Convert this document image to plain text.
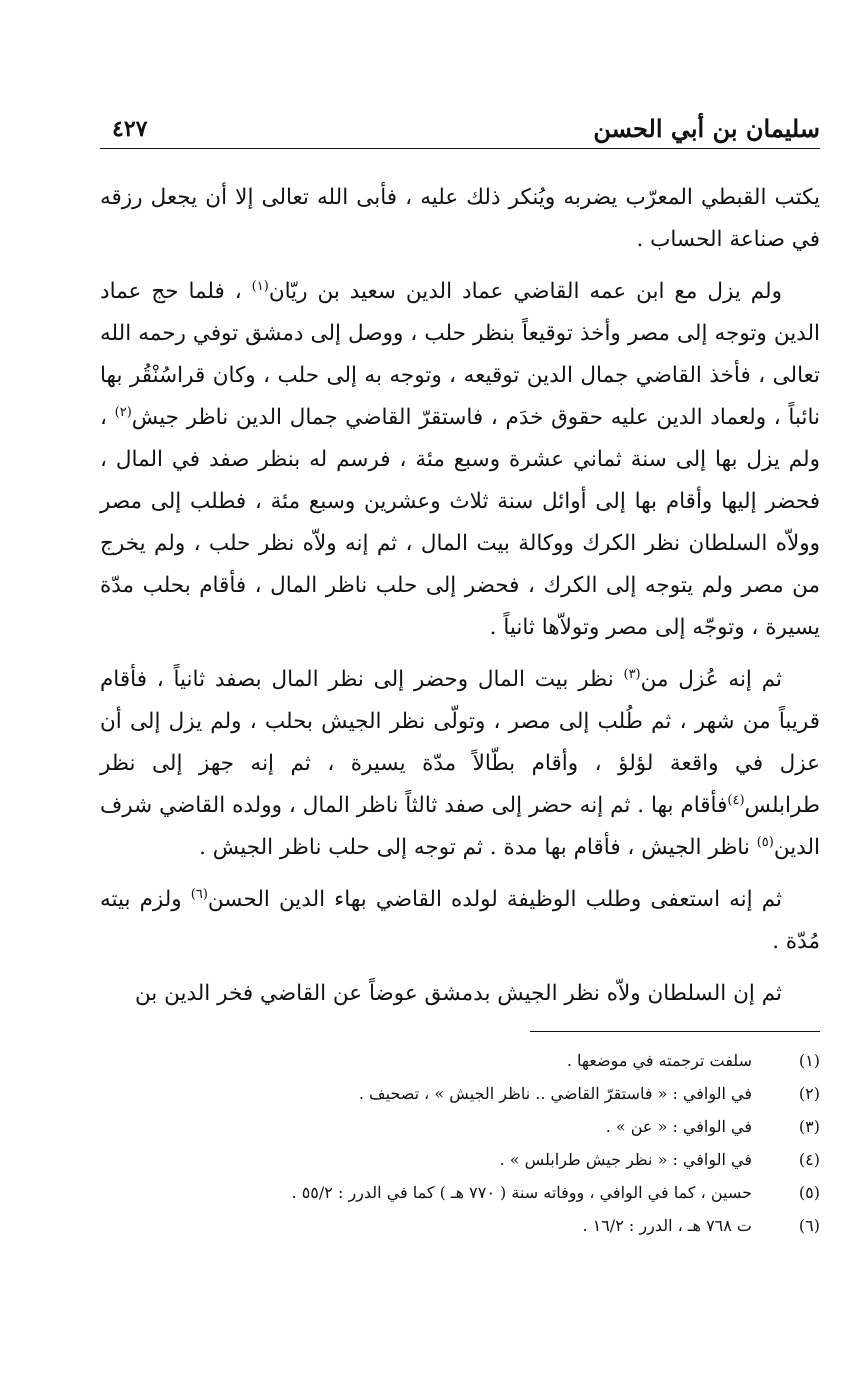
سليمان بن أبي الحسن
٤٢٧

يكتب القبطي المعرّب يضربه ويُنكر ذلك عليه ، فأبى الله تعالى إلا أن يجعل رزقه في صناعة الحساب .

ولم يزل مع ابن عمه القاضي عماد الدين سعيد بن ريّان$^{(١)}$ ، فلما حج عماد الدين وتوجه إلى مصر وأخذ توقيعاً بنظر حلب ، ووصل إلى دمشق توفي رحمه الله تعالى ، فأخذ القاضي جمال الدين توقيعه ، وتوجه به إلى حلب ، وكان قراسُنْقُر بها نائباً ، ولعماد الدين عليه حقوق خدَم ، فاستقرّ القاضي جمال الدين ناظر جيش$^{(٢)}$ ، ولم يزل بها إلى سنة ثماني عشرة وسبع مئة ، فرسم له بنظر صفد في المال ، فحضر إليها وأقام بها إلى أوائل سنة ثلاث وعشرين وسبع مئة ، فطلب إلى مصر وولاّه السلطان نظر الكرك ووكالة بيت المال ، ثم إنه ولاّه نظر حلب ، ولم يخرج من مصر ولم يتوجه إلى الكرك ، فحضر إلى حلب ناظر المال ، فأقام بحلب مدّة يسيرة ، وتوجّه إلى مصر وتولاّها ثانياً .

ثم إنه عُزل من$^{(٣)}$ نظر بيت المال وحضر إلى نظر المال بصفد ثانياً ، فأقام قريباً من شهر ، ثم طُلب إلى مصر ، وتولّى نظر الجيش بحلب ، ولم يزل إلى أن عزل في واقعة لؤلؤ ، وأقام بطّالاً مدّة يسيرة ، ثم إنه جهز إلى نظر طرابلس$^{(٤)}$فأقام بها . ثم إنه حضر إلى صفد ثالثاً ناظر المال ، وولده القاضي شرف الدين$^{(٥)}$ ناظر الجيش ، فأقام بها مدة . ثم توجه إلى حلب ناظر الجيش .

ثم إنه استعفى وطلب الوظيفة لولده القاضي بهاء الدين الحسن$^{(٦)}$ ولزم بيته مُدّة .

ثم إن السلطان ولاّه نظر الجيش بدمشق عوضاً عن القاضي فخر الدين بن

(١)
سلفت ترجمته في موضعها .
(٢)
في الوافي : « فاستقرّ القاضي .. ناظر الجيش » ، تصحيف .
(٣)
في الوافي : « عن » .
(٤)
في الوافي : « نظر جيش طرابلس » .
(٥)
حسين ، كما في الوافي ، ووفاته سنة ( ٧٧٠ هـ ) كما في الدرر : ٥٥/٢ .
(٦)
ت ٧٦٨ هـ ، الدرر : ١٦/٢ .
